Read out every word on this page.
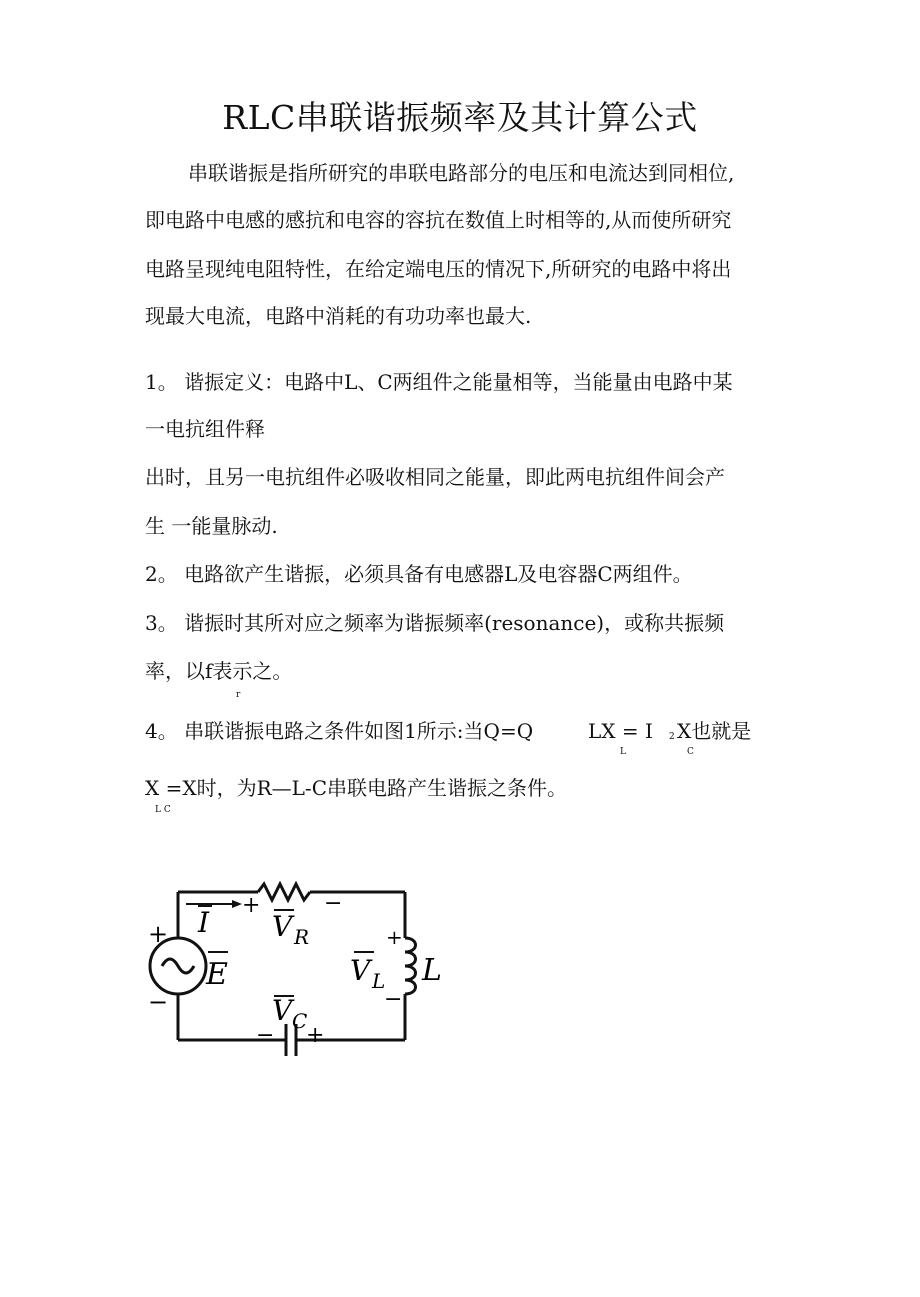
RLC串联谐振频率及其计算公式
串联谐振是指所研究的串联电路部分的电压和电流达到同相位,
即电路中电感的感抗和电容的容抗在数值上时相等的,从而使所研究
电路呈现纯电阻特性，在给定端电压的情况下,所研究的电路中将出
现最大电流，电路中消耗的有功功率也最大.
1。 谐振定义：电路中L、C两组件之能量相等，当能量由电路中某
一电抗组件释
出时，且另一电抗组件必吸收相同之能量，即此两电抗组件间会产
生 一能量脉动.
2。 电路欲产生谐振，必须具备有电感器L及电容器C两组件。
3。 谐振时其所对应之频率为谐振频率(resonance)，或称共振频
率，以f表示之。
r
4。 串联谐振电路之条件如图1所示:当Q=Q	LX = I 2 X也就是
L	C
X =X时，为R—L-C串联电路产生谐振之条件。
L C
+
−
I
E
+	−
V R	+
−
V L L
V C
− +
